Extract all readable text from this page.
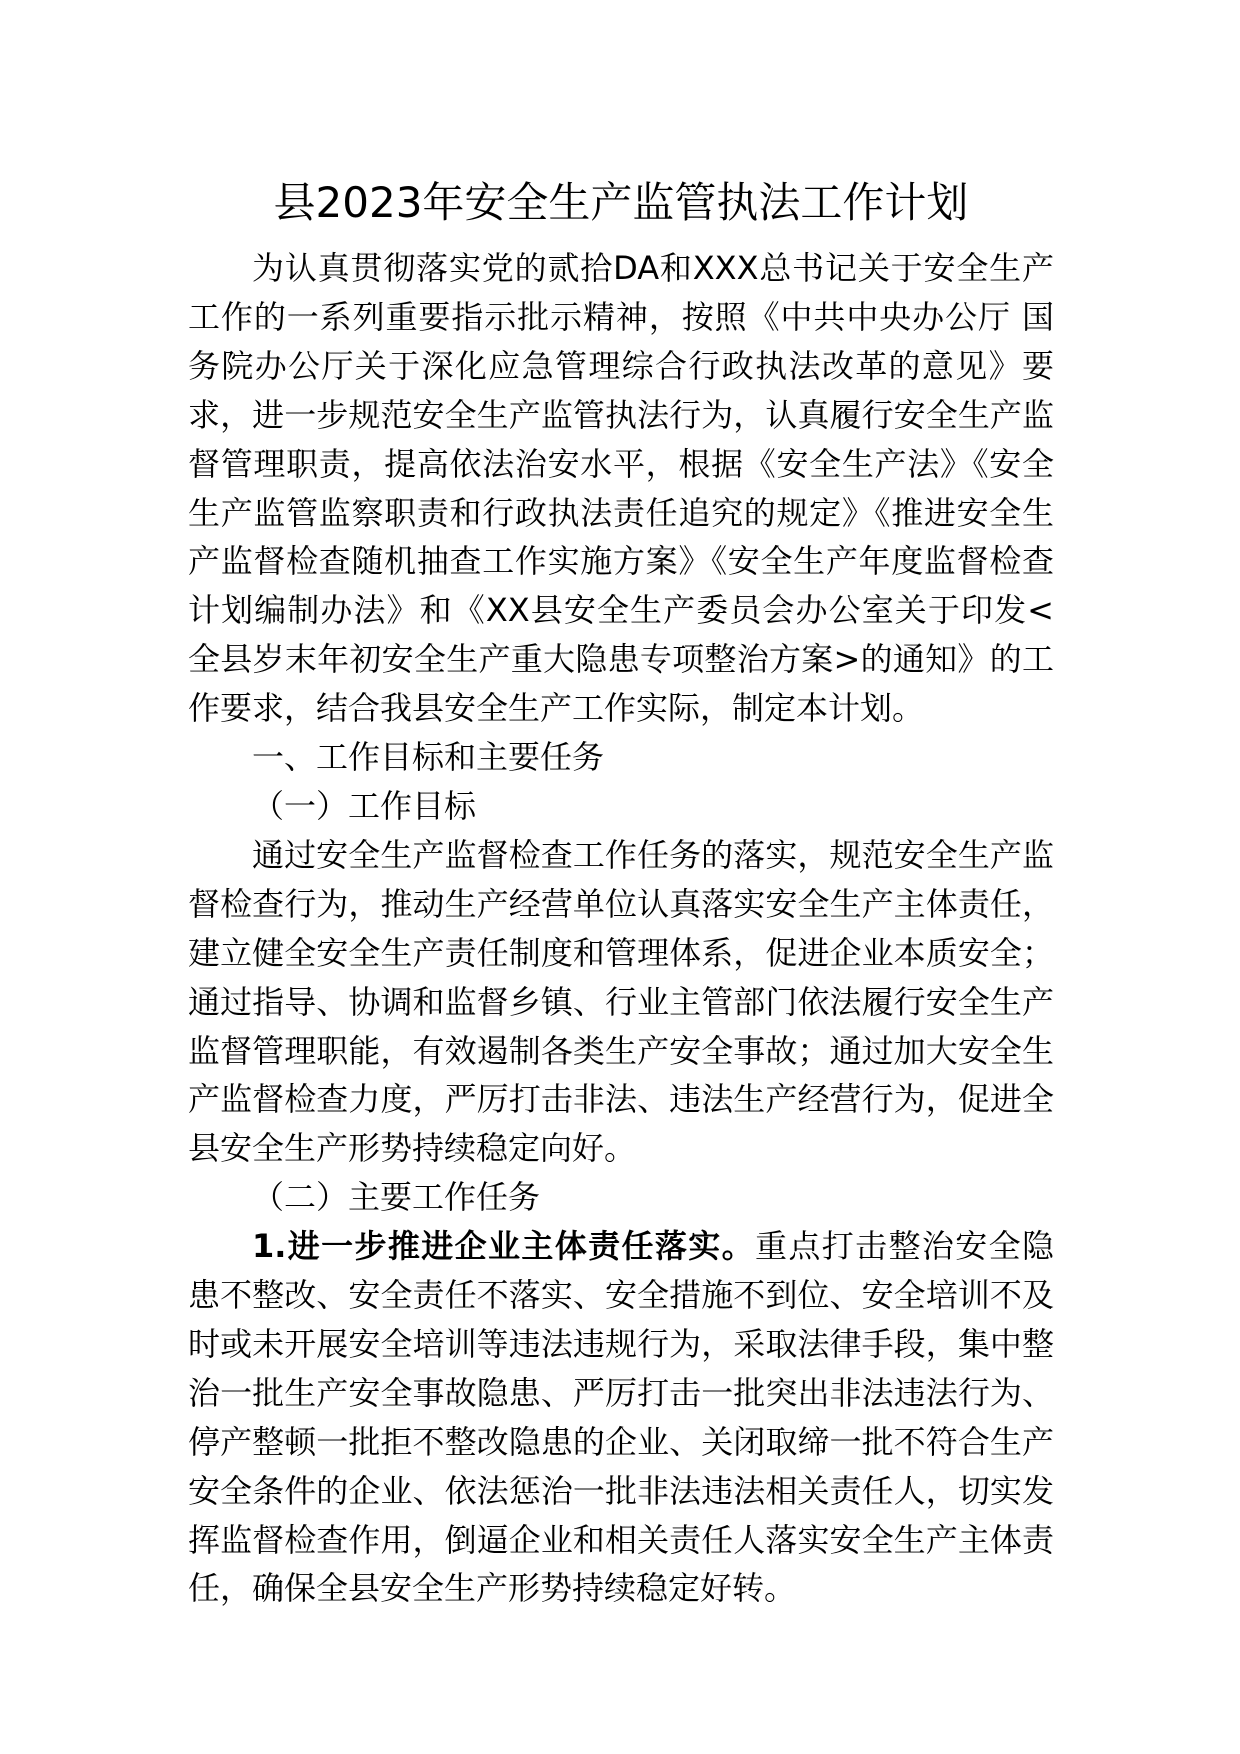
县2023年安全生产监管执法工作计划

为认真贯彻落实党的贰拾DA和XXX总书记关于安全生产工作的一系列重要指示批示精神，按照《中共中央办公厅 国务院办公厅关于深化应急管理综合行政执法改革的意见》要求，进一步规范安全生产监管执法行为，认真履行安全生产监督管理职责，提高依法治安水平，根据《安全生产法》《安全生产监管监察职责和行政执法责任追究的规定》《推进安全生产监督检查随机抽查工作实施方案》《安全生产年度监督检查计划编制办法》和《XX县安全生产委员会办公室关于印发<全县岁末年初安全生产重大隐患专项整治方案>的通知》的工作要求，结合我县安全生产工作实际，制定本计划。

一、工作目标和主要任务

（一）工作目标

通过安全生产监督检查工作任务的落实，规范安全生产监督检查行为，推动生产经营单位认真落实安全生产主体责任，建立健全安全生产责任制度和管理体系，促进企业本质安全；通过指导、协调和监督乡镇、行业主管部门依法履行安全生产监督管理职能，有效遏制各类生产安全事故；通过加大安全生产监督检查力度，严厉打击非法、违法生产经营行为，促进全县安全生产形势持续稳定向好。

（二）主要工作任务

1.进一步推进企业主体责任落实。重点打击整治安全隐患不整改、安全责任不落实、安全措施不到位、安全培训不及时或未开展安全培训等违法违规行为，采取法律手段，集中整治一批生产安全事故隐患、严厉打击一批突出非法违法行为、停产整顿一批拒不整改隐患的企业、关闭取缔一批不符合生产安全条件的企业、依法惩治一批非法违法相关责任人，切实发挥监督检查作用，倒逼企业和相关责任人落实安全生产主体责任，确保全县安全生产形势持续稳定好转。
